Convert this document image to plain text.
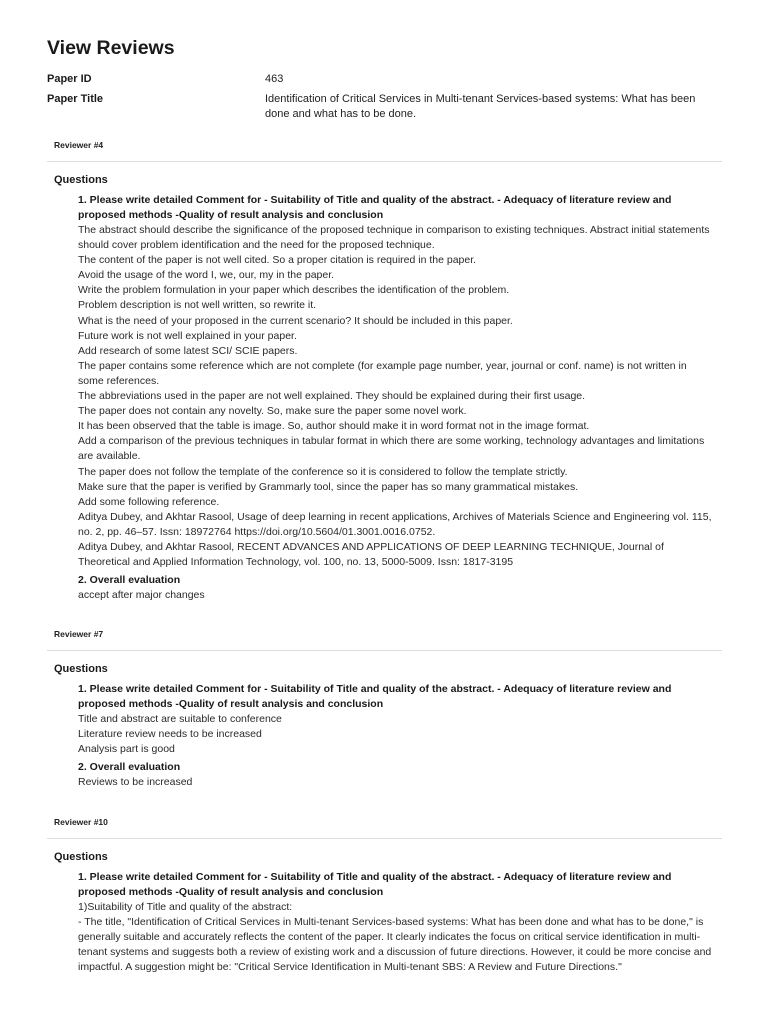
View Reviews
Paper ID	463
Paper Title	Identification of Critical Services in Multi-tenant Services-based systems: What has been done and what has to be done.
Reviewer #4
Questions
1. Please write detailed Comment for - Suitability of Title and quality of the abstract. - Adequacy of literature review and proposed methods -Quality of result analysis and conclusion
The abstract should describe the significance of the proposed technique in comparison to existing techniques. Abstract initial statements should cover problem identification and the need for the proposed technique.
The content of the paper is not well cited. So a proper citation is required in the paper.
Avoid the usage of the word I, we, our, my in the paper.
Write the problem formulation in your paper which describes the identification of the problem.
Problem description is not well written, so rewrite it.
What is the need of your proposed in the current scenario? It should be included in this paper.
Future work is not well explained in your paper.
Add research of some latest SCI/ SCIE papers.
The paper contains some reference which are not complete (for example page number, year, journal or conf. name) is not written in some references.
The abbreviations used in the paper are not well explained. They should be explained during their first usage.
The paper does not contain any novelty. So, make sure the paper some novel work.
It has been observed that the table is image. So, author should make it in word format not in the image format.
Add a comparison of the previous techniques in tabular format in which there are some working, technology advantages and limitations are available.
The paper does not follow the template of the conference so it is considered to follow the template strictly.
Make sure that the paper is verified by Grammarly tool, since the paper has so many grammatical mistakes.
Add some following reference.
Aditya Dubey, and Akhtar Rasool, Usage of deep learning in recent applications, Archives of Materials Science and Engineering vol. 115, no. 2, pp. 46–57. Issn: 18972764 https://doi.org/10.5604/01.3001.0016.0752.
Aditya Dubey, and Akhtar Rasool, RECENT ADVANCES AND APPLICATIONS OF DEEP LEARNING TECHNIQUE, Journal of Theoretical and Applied Information Technology, vol. 100, no. 13, 5000-5009. Issn: 1817-3195
2. Overall evaluation
accept after major changes
Reviewer #7
Questions
1. Please write detailed Comment for - Suitability of Title and quality of the abstract. - Adequacy of literature review and proposed methods -Quality of result analysis and conclusion
Title and abstract are suitable to conference
Literature review needs to be increased
Analysis part is good
2. Overall evaluation
Reviews to be increased
Reviewer #10
Questions
1. Please write detailed Comment for - Suitability of Title and quality of the abstract. - Adequacy of literature review and proposed methods -Quality of result analysis and conclusion
1)Suitability of Title and quality of the abstract:
- The title, "Identification of Critical Services in Multi-tenant Services-based systems: What has been done and what has to be done," is generally suitable and accurately reflects the content of the paper. It clearly indicates the focus on critical service identification in multi-tenant systems and suggests both a review of existing work and a discussion of future directions. However, it could be more concise and impactful. A suggestion might be: "Critical Service Identification in Multi-tenant SBS: A Review and Future Directions."
